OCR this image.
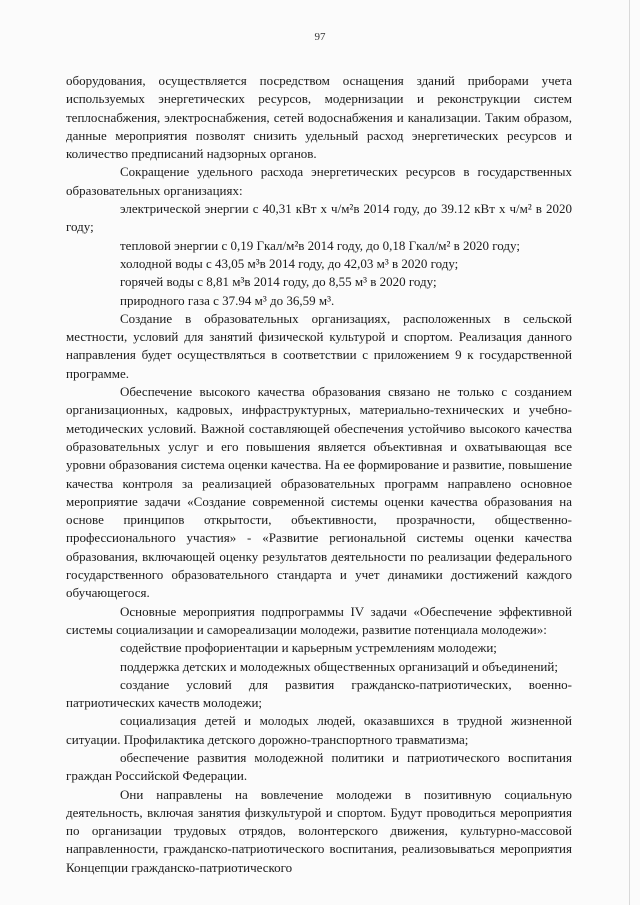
97

оборудования, осуществляется посредством оснащения зданий приборами учета используемых энергетических ресурсов, модернизации и реконструкции систем теплоснабжения, электроснабжения, сетей водоснабжения и канализации. Таким образом, данные мероприятия позволят снизить удельный расход энергетических ресурсов и количество предписаний надзорных органов.

Сокращение удельного расхода энергетических ресурсов в государственных образовательных организациях:

электрической энергии с 40,31 кВт х ч/м²в 2014 году, до 39.12 кВт х ч/м² в 2020 году;

тепловой энергии с 0,19 Гкал/м²в 2014 году, до 0,18 Гкал/м² в 2020 году;

холодной воды с 43,05 м³в 2014 году, до 42,03 м³ в 2020 году;

горячей воды с 8,81 м³в 2014 году, до 8,55 м³ в 2020 году;

природного газа с 37.94 м³ до 36,59 м³.

Создание в образовательных организациях, расположенных в сельской местности, условий для занятий физической культурой и спортом. Реализация данного направления будет осуществляться в соответствии с приложением 9 к государственной программе.

Обеспечение высокого качества образования связано не только с созданием организационных, кадровых, инфраструктурных, материально-технических и учебно-методических условий. Важной составляющей обеспечения устойчиво высокого качества образовательных услуг и его повышения является объективная и охватывающая все уровни образования система оценки качества. На ее формирование и развитие, повышение качества контроля за реализацией образовательных программ направлено основное мероприятие задачи «Создание современной системы оценки качества образования на основе принципов открытости, объективности, прозрачности, общественно-профессионального участия» - «Развитие региональной системы оценки качества образования, включающей оценку результатов деятельности по реализации федерального государственного образовательного стандарта и учет динамики достижений каждого обучающегося.

Основные мероприятия подпрограммы IV задачи «Обеспечение эффективной системы социализации и самореализации молодежи, развитие потенциала молодежи»:

содействие профориентации и карьерным устремлениям молодежи;

поддержка детских и молодежных общественных организаций и объединений;

создание условий для развития гражданско-патриотических, военно-патриотических качеств молодежи;

социализация детей и молодых людей, оказавшихся в трудной жизненной ситуации. Профилактика детского дорожно-транспортного травматизма;

обеспечение развития молодежной политики и патриотического воспитания граждан Российской Федерации.

Они направлены на вовлечение молодежи в позитивную социальную деятельность, включая занятия физкультурой и спортом. Будут проводиться мероприятия по организации трудовых отрядов, волонтерского движения, культурно-массовой направленности, гражданско-патриотического воспитания, реализовываться мероприятия Концепции гражданско-патриотического
